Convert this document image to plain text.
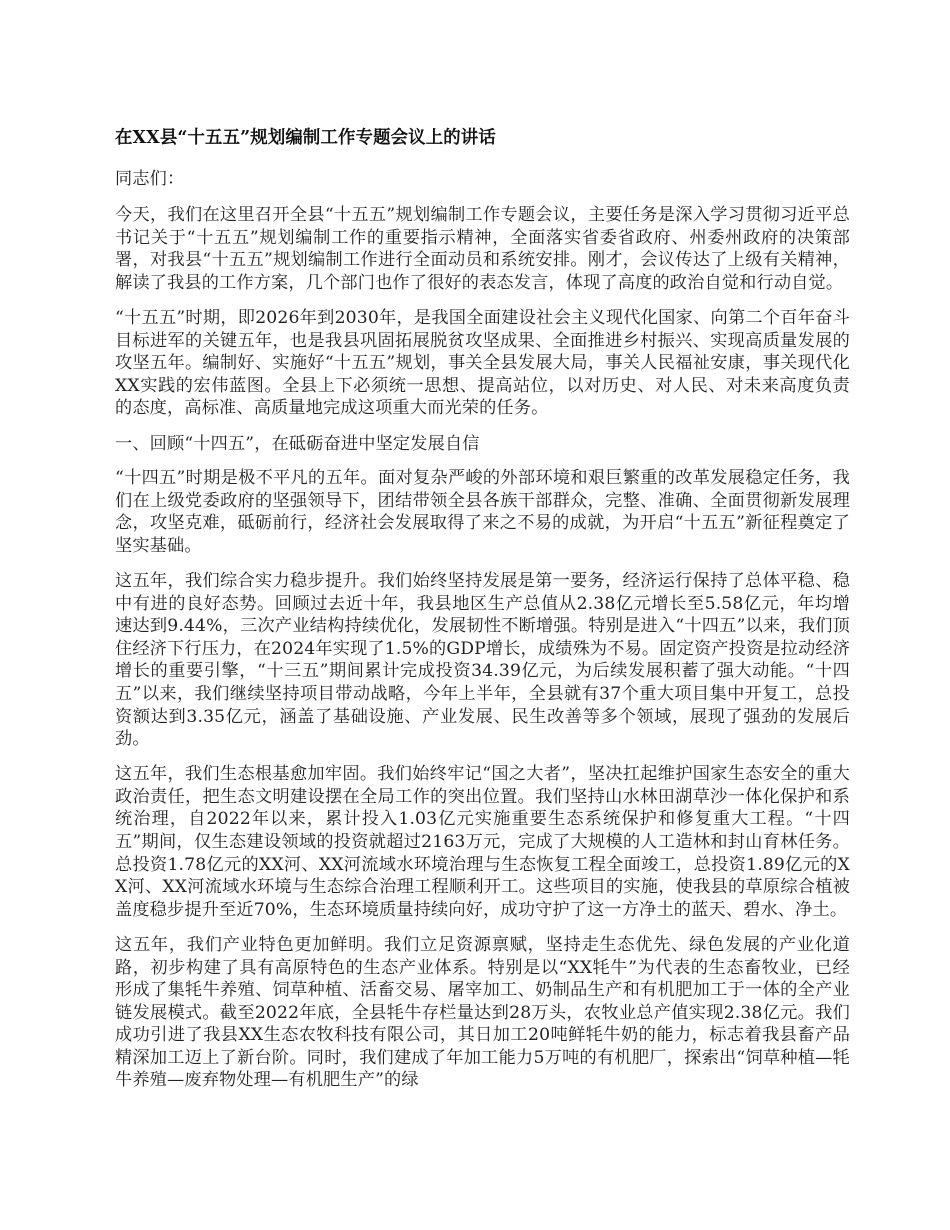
在XX县“十五五”规划编制工作专题会议上的讲话

同志们：

今天，我们在这里召开全县“十五五”规划编制工作专题会议，主要任务是深入学习贯彻习近平总书记关于“十五五”规划编制工作的重要指示精神，全面落实省委省政府、州委州政府的决策部署，对我县“十五五”规划编制工作进行全面动员和系统安排。刚才，会议传达了上级有关精神，解读了我县的工作方案，几个部门也作了很好的表态发言，体现了高度的政治自觉和行动自觉。

“十五五”时期，即2026年到2030年，是我国全面建设社会主义现代化国家、向第二个百年奋斗目标进军的关键五年，也是我县巩固拓展脱贫攻坚成果、全面推进乡村振兴、实现高质量发展的攻坚五年。编制好、实施好“十五五”规划，事关全县发展大局，事关人民福祉安康，事关现代化XX实践的宏伟蓝图。全县上下必须统一思想、提高站位，以对历史、对人民、对未来高度负责的态度，高标准、高质量地完成这项重大而光荣的任务。

一、回顾“十四五”，在砥砺奋进中坚定发展自信

“十四五”时期是极不平凡的五年。面对复杂严峻的外部环境和艰巨繁重的改革发展稳定任务，我们在上级党委政府的坚强领导下，团结带领全县各族干部群众，完整、准确、全面贯彻新发展理念，攻坚克难，砥砺前行，经济社会发展取得了来之不易的成就，为开启“十五五”新征程奠定了坚实基础。

这五年，我们综合实力稳步提升。我们始终坚持发展是第一要务，经济运行保持了总体平稳、稳中有进的良好态势。回顾过去近十年，我县地区生产总值从2.38亿元增长至5.58亿元，年均增速达到9.44%，三次产业结构持续优化，发展韧性不断增强。特别是进入“十四五”以来，我们顶住经济下行压力，在2024年实现了1.5%的GDP增长，成绩殊为不易。固定资产投资是拉动经济增长的重要引擎，“十三五”期间累计完成投资34.39亿元，为后续发展积蓄了强大动能。“十四五”以来，我们继续坚持项目带动战略，今年上半年，全县就有37个重大项目集中开复工，总投资额达到3.35亿元，涵盖了基础设施、产业发展、民生改善等多个领域，展现了强劲的发展后劲。

这五年，我们生态根基愈加牢固。我们始终牢记“国之大者”，坚决扛起维护国家生态安全的重大政治责任，把生态文明建设摆在全局工作的突出位置。我们坚持山水林田湖草沙一体化保护和系统治理，自2022年以来，累计投入1.03亿元实施重要生态系统保护和修复重大工程。“十四五”期间，仅生态建设领域的投资就超过2163万元，完成了大规模的人工造林和封山育林任务。总投资1.78亿元的XX河、XX河流域水环境治理与生态恢复工程全面竣工，总投资1.89亿元的XX河、XX河流域水环境与生态综合治理工程顺利开工。这些项目的实施，使我县的草原综合植被盖度稳步提升至近70%，生态环境质量持续向好，成功守护了这一方净土的蓝天、碧水、净土。

这五年，我们产业特色更加鲜明。我们立足资源禀赋，坚持走生态优先、绿色发展的产业化道路，初步构建了具有高原特色的生态产业体系。特别是以“XX牦牛”为代表的生态畜牧业，已经形成了集牦牛养殖、饲草种植、活畜交易、屠宰加工、奶制品生产和有机肥加工于一体的全产业链发展模式。截至2022年底，全县牦牛存栏量达到28万头，农牧业总产值实现2.38亿元。我们成功引进了我县XX生态农牧科技有限公司，其日加工20吨鲜牦牛奶的能力，标志着我县畜产品精深加工迈上了新台阶。同时，我们建成了年加工能力5万吨的有机肥厂，探索出“饲草种植—牦牛养殖—废弃物处理—有机肥生产”的绿
